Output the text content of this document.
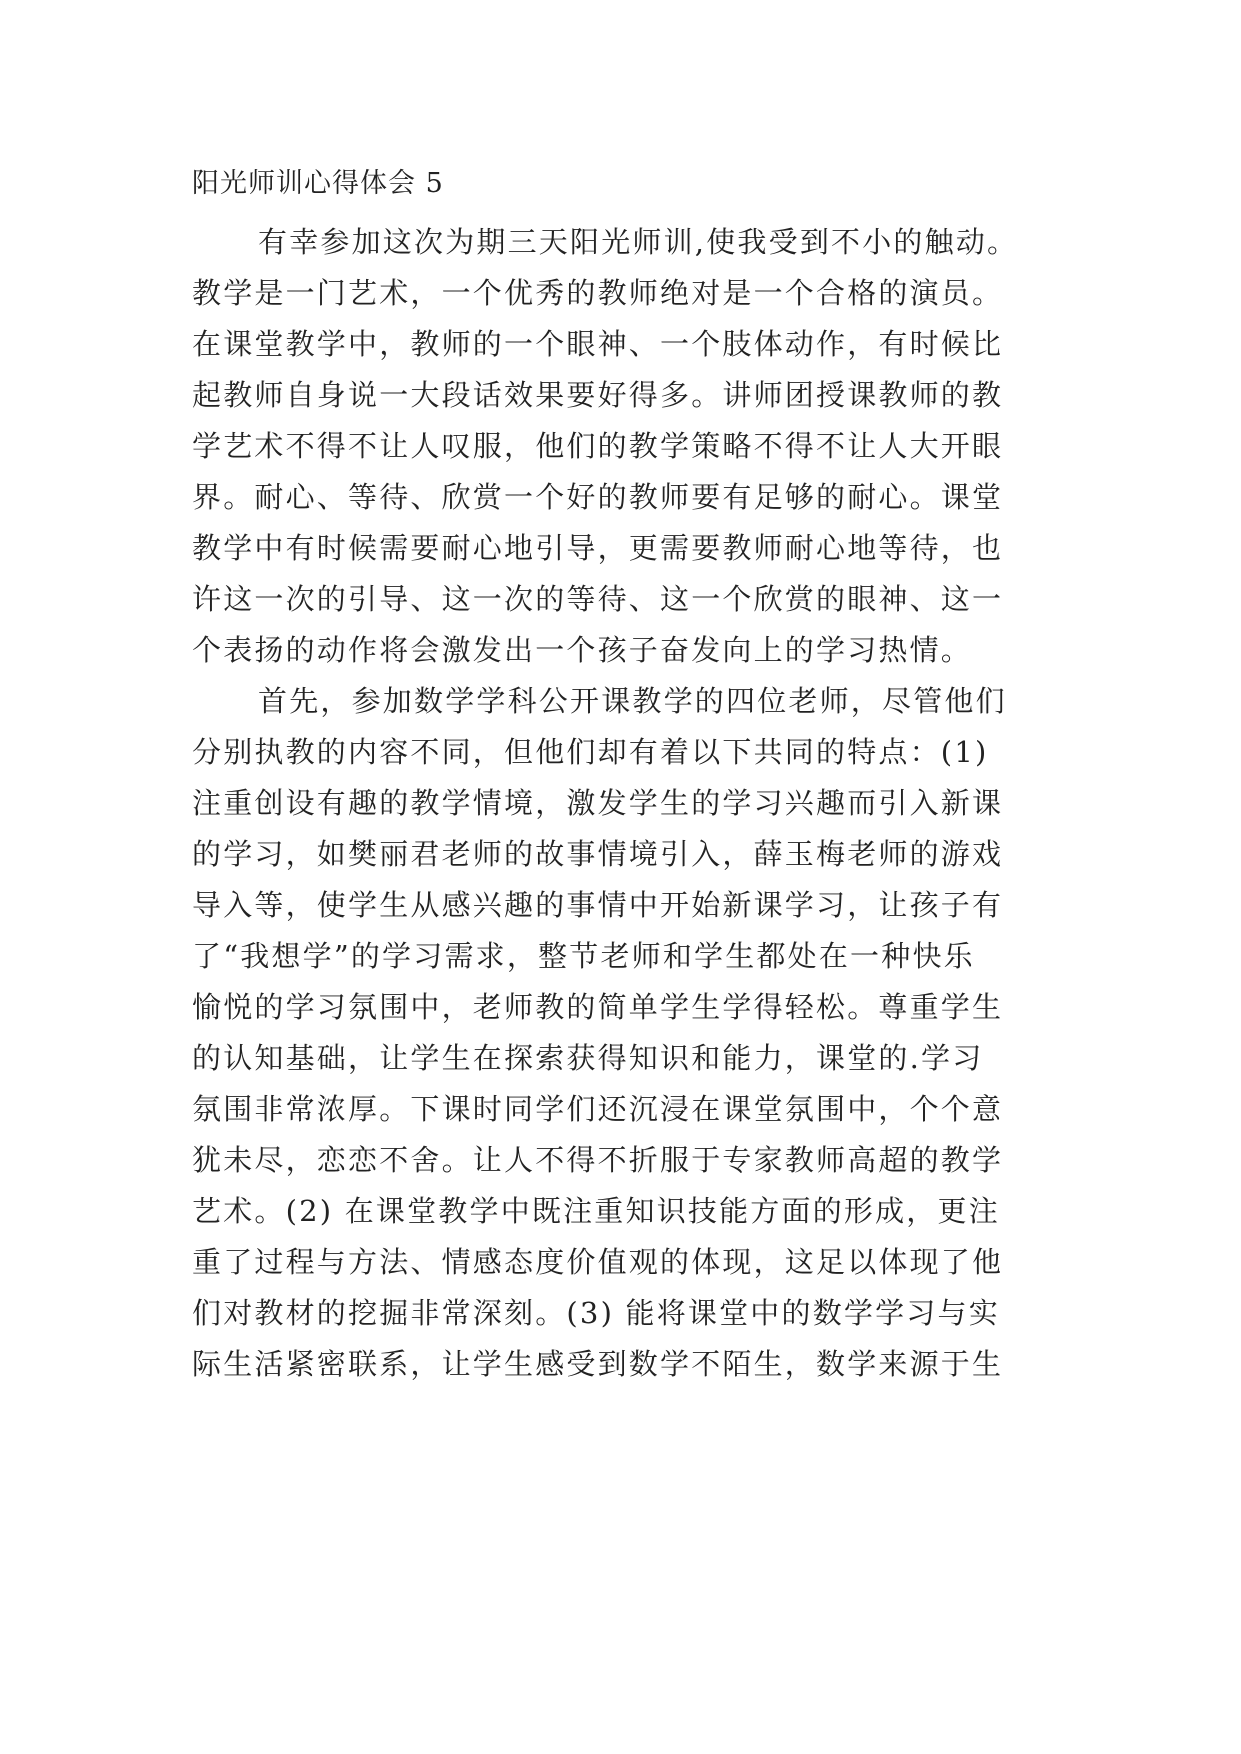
阳光师训心得体会 5
有幸参加这次为期三天阳光师训,使我受到不小的触动。
教学是一门艺术，一个优秀的教师绝对是一个合格的演员。
在课堂教学中，教师的一个眼神、一个肢体动作，有时候比
起教师自身说一大段话效果要好得多。讲师团授课教师的教
学艺术不得不让人叹服，他们的教学策略不得不让人大开眼
界。耐心、等待、欣赏一个好的教师要有足够的耐心。课堂
教学中有时候需要耐心地引导，更需要教师耐心地等待，也
许这一次的引导、这一次的等待、这一个欣赏的眼神、这一
个表扬的动作将会激发出一个孩子奋发向上的学习热情。
首先，参加数学学科公开课教学的四位老师，尽管他们
分别执教的内容不同，但他们却有着以下共同的特点：(1)
注重创设有趣的教学情境，激发学生的学习兴趣而引入新课
的学习，如樊丽君老师的故事情境引入，薛玉梅老师的游戏
导入等，使学生从感兴趣的事情中开始新课学习，让孩子有
了“我想学”的学习需求，整节老师和学生都处在一种快乐
愉悦的学习氛围中，老师教的简单学生学得轻松。尊重学生
的认知基础，让学生在探索获得知识和能力，课堂的.学习
氛围非常浓厚。下课时同学们还沉浸在课堂氛围中，个个意
犹未尽，恋恋不舍。让人不得不折服于专家教师高超的教学
艺术。(2) 在课堂教学中既注重知识技能方面的形成，更注
重了过程与方法、情感态度价值观的体现，这足以体现了他
们对教材的挖掘非常深刻。(3) 能将课堂中的数学学习与实
际生活紧密联系，让学生感受到数学不陌生，数学来源于生
